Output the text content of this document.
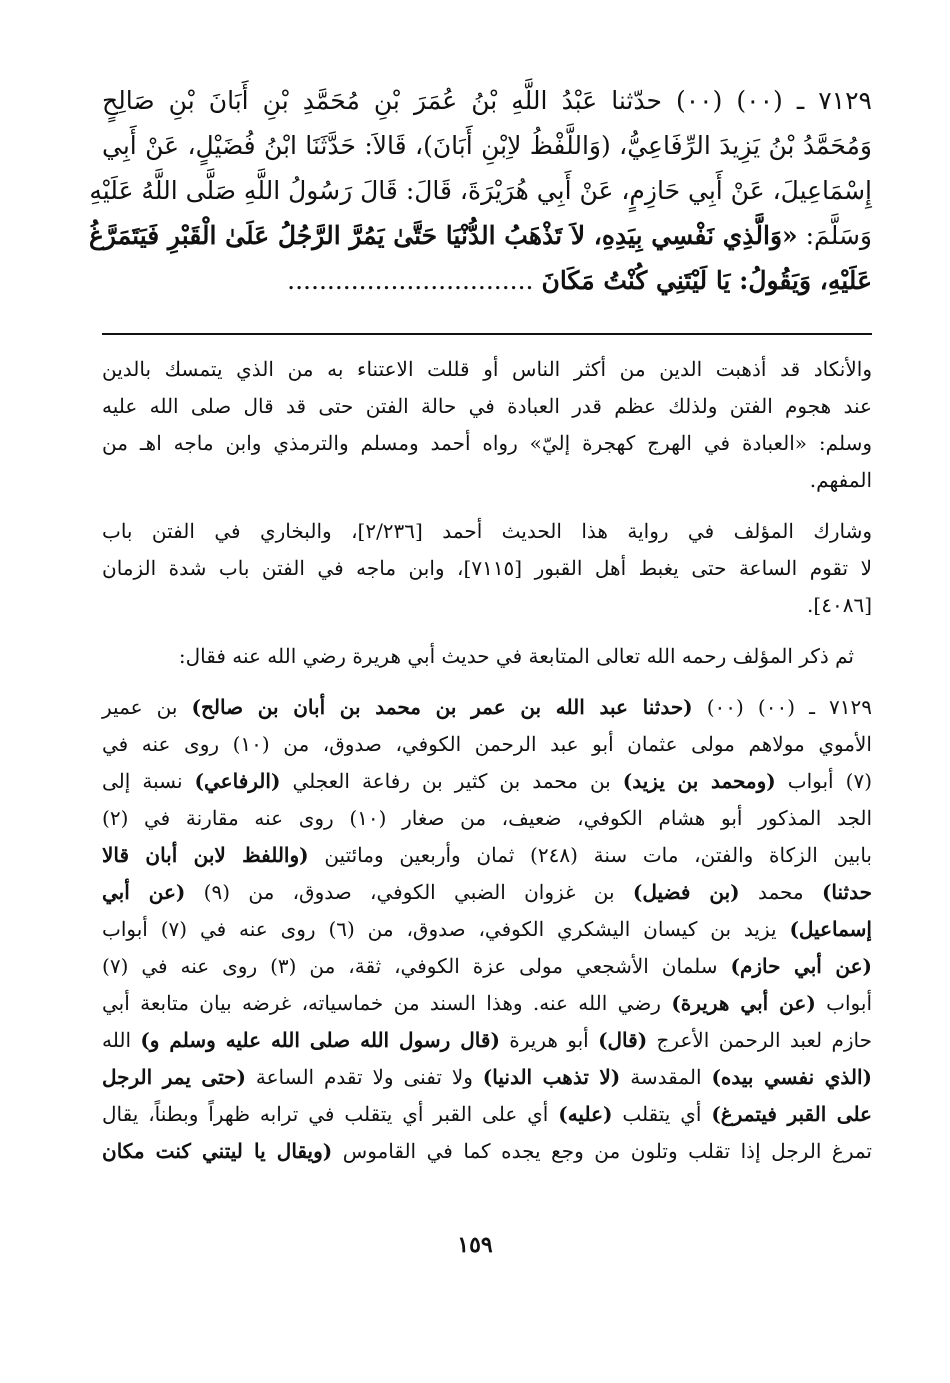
٧١٢٩ ـ (٠٠) (٠٠) حدّثنا عَبْدُ اللَّهِ بْنُ عُمَرَ بْنِ مُحَمَّدِ بْنِ أَبَانَ بْنِ صَالِحٍ
وَمُحَمَّدُ بْنُ يَزِيدَ الرِّفَاعِيُّ، (وَاللَّفْظُ لاِبْنِ أَبَانَ)، قَالاَ: حَدَّثَنَا ابْنُ فُضَيْلٍ، عَنْ أَبِي
إِسْمَاعِيلَ، عَنْ أَبِي حَازِمٍ، عَنْ أَبِي هُرَيْرَةَ، قَالَ: قَالَ رَسُولُ اللَّهِ صَلَّى اللَّهُ عَلَيْهِ
وَسَلَّمَ: «وَالَّذِي نَفْسِي بِيَدِهِ، لاَ تَذْهَبُ الدُّنْيَا حَتَّىٰ يَمُرَّ الرَّجُلُ عَلَىٰ الْقَبْرِ فَيَتَمَرَّغُ
عَلَيْهِ، وَيَقُولُ: يَا لَيْتَنِي كُنْتُ مَكَانَ ...............................

والأنكاد قد أذهبت الدين من أكثر الناس أو قللت الاعتناء به من الذي يتمسك بالدين
عند هجوم الفتن ولذلك عظم قدر العبادة في حالة الفتن حتى قد قال صلى الله عليه
وسلم: «العبادة في الهرج كهجرة إليّ» رواه أحمد ومسلم والترمذي وابن ماجه اهـ من
المفهم.

وشارك المؤلف في رواية هذا الحديث أحمد [٢/٢٣٦]، والبخاري في الفتن باب
لا تقوم الساعة حتى يغبط أهل القبور [٧١١٥]، وابن ماجه في الفتن باب شدة الزمان
[٤٠٨٦].

ثم ذكر المؤلف رحمه الله تعالى المتابعة في حديث أبي هريرة رضي الله عنه فقال:

٧١٢٩ ـ (٠٠) (٠٠) (حدثنا عبد الله بن عمر بن محمد بن أبان بن صالح) بن عمير
الأموي مولاهم مولى عثمان أبو عبد الرحمن الكوفي، صدوق، من (١٠) روى عنه في
(٧) أبواب (ومحمد بن يزيد) بن محمد بن كثير بن رفاعة العجلي (الرفاعي) نسبة إلى
الجد المذكور أبو هشام الكوفي، ضعيف، من صغار (١٠) روى عنه مقارنة في (٢)
بابين الزكاة والفتن، مات سنة (٢٤٨) ثمان وأربعين ومائتين (واللفظ لابن أبان قالا
حدثنا) محمد (بن فضيل) بن غزوان الضبي الكوفي، صدوق، من (٩) (عن أبي
إسماعيل) يزيد بن كيسان اليشكري الكوفي، صدوق، من (٦) روى عنه في (٧) أبواب
(عن أبي حازم) سلمان الأشجعي مولى عزة الكوفي، ثقة، من (٣) روى عنه في (٧)
أبواب (عن أبي هريرة) رضي الله عنه. وهذا السند من خماسياته، غرضه بيان متابعة أبي
حازم لعبد الرحمن الأعرج (قال) أبو هريرة (قال رسول الله صلى الله عليه وسلم و) الله
(الذي نفسي بيده) المقدسة (لا تذهب الدنيا) ولا تفنى ولا تقدم الساعة (حتى يمر الرجل
على القبر فيتمرغ) أي يتقلب (عليه) أي على القبر أي يتقلب في ترابه ظهراً وبطناً، يقال
تمرغ الرجل إذا تقلب وتلون من وجع يجده كما في القاموس (ويقال يا ليتني كنت مكان

١٥٩
